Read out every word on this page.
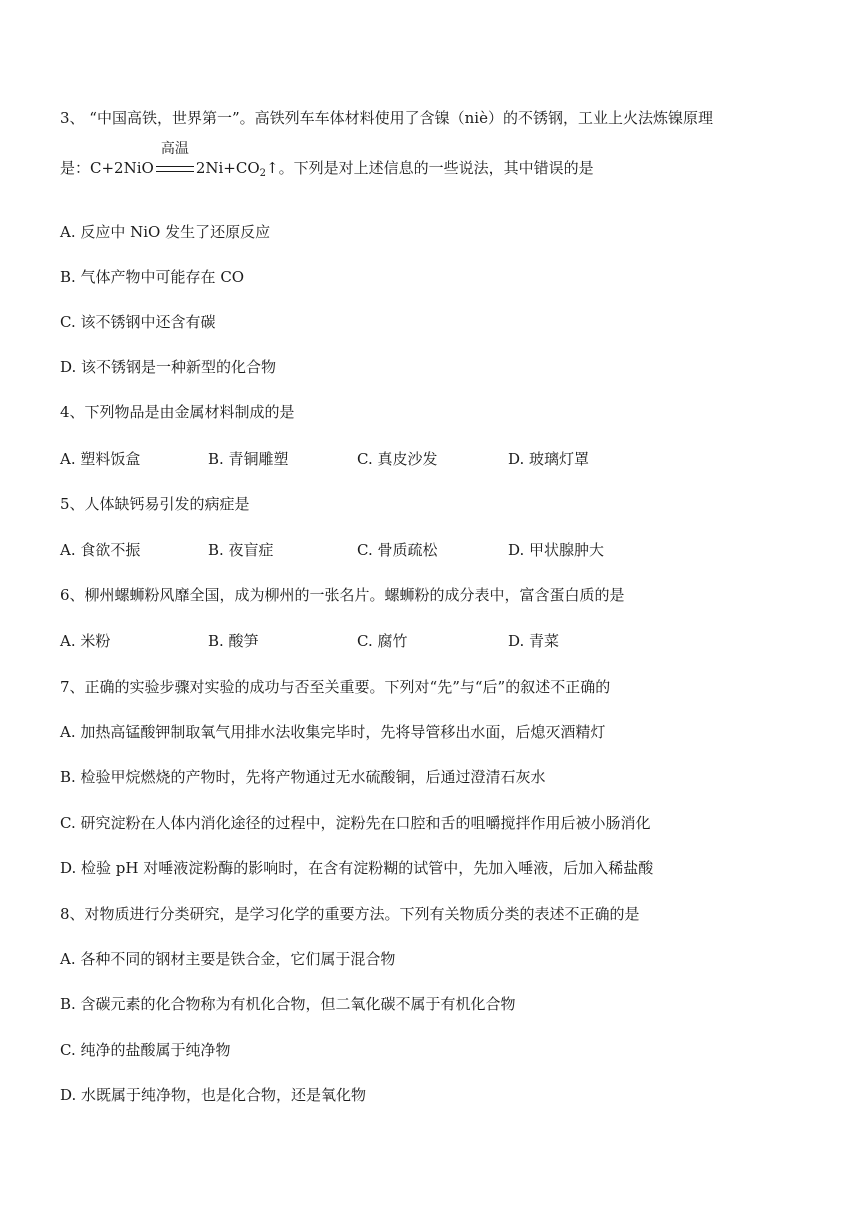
3、 “中国高铁，世界第一”。高铁列车车体材料使用了含镍（niè）的不锈钢，工业上火法炼镍原理
是：C+2NiO
高温
$2Ni+CO_2↑$。下列是对上述信息的一些说法，其中错误的是
A. 反应中 NiO 发生了还原反应
B. 气体产物中可能存在 CO
C. 该不锈钢中还含有碳
D. 该不锈钢是一种新型的化合物
4、下列物品是由金属材料制成的是
A. 塑料饭盒	B. 青铜雕塑	C. 真皮沙发	D. 玻璃灯罩
5、人体缺钙易引发的病症是
A. 食欲不振	B. 夜盲症	C. 骨质疏松	D. 甲状腺肿大
6、柳州螺蛳粉风靡全国，成为柳州的一张名片。螺蛳粉的成分表中，富含蛋白质的是
A. 米粉	B. 酸笋	C. 腐竹	D. 青菜
7、正确的实验步骤对实验的成功与否至关重要。下列对“先”与“后”的叙述不正确的
A. 加热高锰酸钾制取氧气用排水法收集完毕时，先将导管移出水面，后熄灭酒精灯
B. 检验甲烷燃烧的产物时，先将产物通过无水硫酸铜，后通过澄清石灰水
C. 研究淀粉在人体内消化途径的过程中，淀粉先在口腔和舌的咀嚼搅拌作用后被小肠消化
D. 检验 pH 对唾液淀粉酶的影响时，在含有淀粉糊的试管中，先加入唾液，后加入稀盐酸
8、对物质进行分类研究，是学习化学的重要方法。下列有关物质分类的表述不正确的是
A. 各种不同的钢材主要是铁合金，它们属于混合物
B. 含碳元素的化合物称为有机化合物，但二氧化碳不属于有机化合物
C. 纯净的盐酸属于纯净物
D. 水既属于纯净物，也是化合物，还是氧化物
